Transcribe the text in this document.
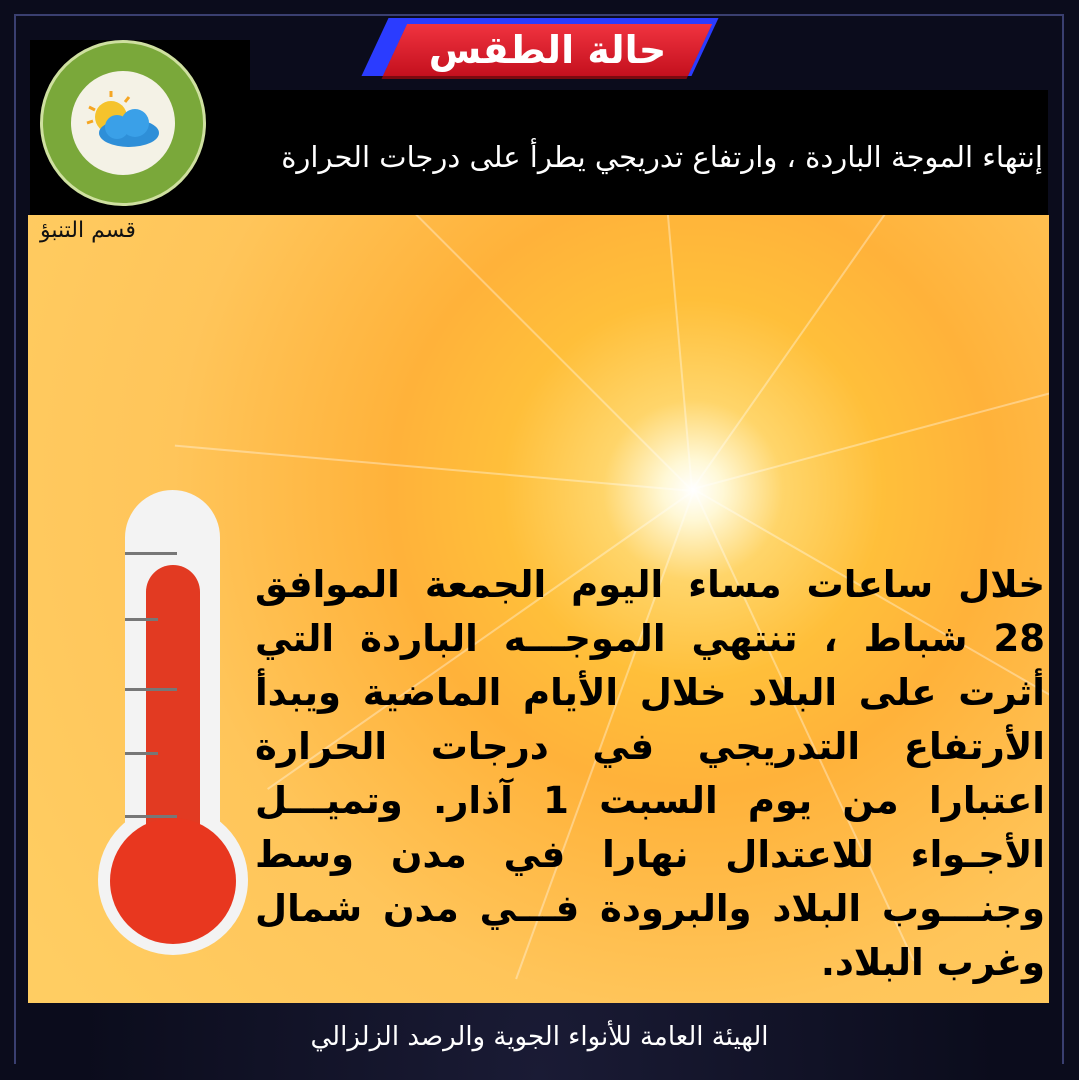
حالة الطقس
إنتهاء الموجة الباردة ، وارتفاع تدريجي يطرأ على درجات الحرارة
قسم التنبؤ
خلال ساعات مساء اليوم الجمعة الموافق 28 شباط ، تنتهي الموجـــه الباردة التي أثرت على البلاد خلال الأيام الماضية ويبدأ الأرتفاع التدريجي في درجات الحرارة اعتبارا من يوم السبت 1 آذار. وتميـــل الأجـواء للاعتدال نهارا في مدن وسط وجنـــوب البلاد والبرودة فـــي مدن شمال وغرب البلاد.
الهيئة العامة للأنواء الجوية والرصد الزلزالي
